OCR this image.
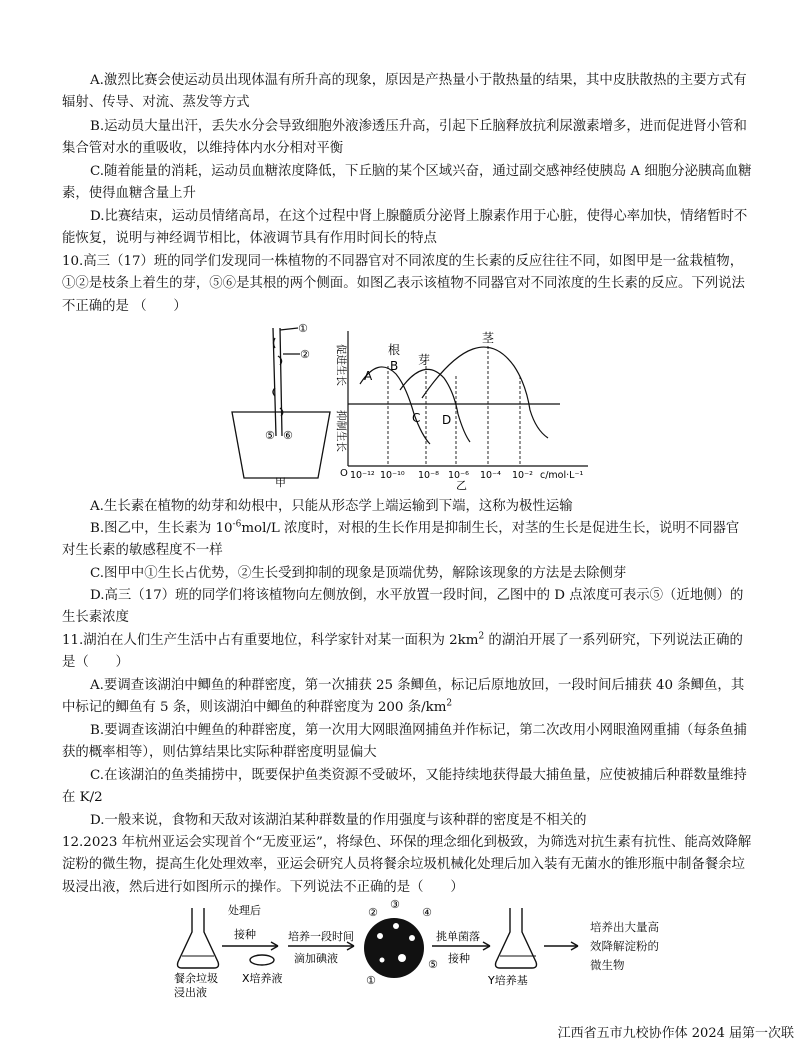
A.激烈比赛会使运动员出现体温有所升高的现象，原因是产热量小于散热量的结果，其中皮肤散热的主要方式有辐射、传导、对流、蒸发等方式

B.运动员大量出汗，丢失水分会导致细胞外液渗透压升高，引起下丘脑释放抗利尿激素增多，进而促进肾小管和集合管对水的重吸收，以维持体内水分相对平衡

C.随着能量的消耗，运动员血糖浓度降低，下丘脑的某个区域兴奋，通过副交感神经使胰岛 A 细胞分泌胰高血糖素，使得血糖含量上升

D.比赛结束，运动员情绪高昂，在这个过程中肾上腺髓质分泌肾上腺素作用于心脏，使得心率加快，情绪暂时不能恢复，说明与神经调节相比，体液调节具有作用时间长的特点

10.高三（17）班的同学们发现同一株植物的不同器官对不同浓度的生长素的反应往往不同，如图甲是一盆栽植物，①②是枝条上着生的芽，⑤⑥是其根的两个侧面。如图乙表示该植物不同器官对不同浓度的生长素的反应。下列说法不正确的是 （　　）

①
②
⑤ ⑥
甲
促进生长
抑制生长
O
根
芽
茎
A
B
C D
10⁻¹² 10⁻¹⁰ 10⁻⁸ 10⁻⁶ 10⁻⁴ 10⁻² c/mol·L⁻¹
乙

A.生长素在植物的幼芽和幼根中，只能从形态学上端运输到下端，这称为极性运输

B.图乙中，生长素为 $10^{-6}mol/L$ 浓度时，对根的生长作用是抑制生长，对茎的生长是促进生长，说明不同器官对生长素的敏感程度不一样

C.图甲中①生长占优势，②生长受到抑制的现象是顶端优势，解除该现象的方法是去除侧芽

D.高三（17）班的同学们将该植物向左侧放倒，水平放置一段时间，乙图中的 D 点浓度可表示⑤（近地侧）的生长素浓度

11.湖泊在人们生产生活中占有重要地位，科学家针对某一面积为 $2km^2$ 的湖泊开展了一系列研究，下列说法正确的是（　　）

A.要调查该湖泊中鲫鱼的种群密度，第一次捕获 25 条鲫鱼，标记后原地放回，一段时间后捕获 40 条鲫鱼，其中标记的鲫鱼有 5 条，则该湖泊中鲫鱼的种群密度为 200 条$/km^2$

B.要调查该湖泊中鲤鱼的种群密度，第一次用大网眼渔网捕鱼并作标记，第二次改用小网眼渔网重捕（每条鱼捕获的概率相等），则估算结果比实际种群密度明显偏大

C.在该湖泊的鱼类捕捞中，既要保护鱼类资源不受破坏，又能持续地获得最大捕鱼量，应使被捕后种群数量维持在 K/2

D.一般来说，食物和天敌对该湖泊某种群数量的作用强度与该种群的密度是不相关的

12.2023 年杭州亚运会实现首个“无废亚运”，将绿色、环保的理念细化到极致，为筛选对抗生素有抗性、能高效降解淀粉的微生物，提高生化处理效率，亚运会研究人员将餐余垃圾机械化处理后加入装有无菌水的锥形瓶中制备餐余垃圾浸出液，然后进行如图所示的操作。下列说法不正确的是（　　）

①
②
③
④
⑤
处理后
接种
餐余垃圾浸出液
X培养液
培养一段时间
滴加碘液
挑单菌落
接种
Y培养基
培养出大量高效降解淀粉的微生物
江西省五市九校协作体 2024 届第一次联
